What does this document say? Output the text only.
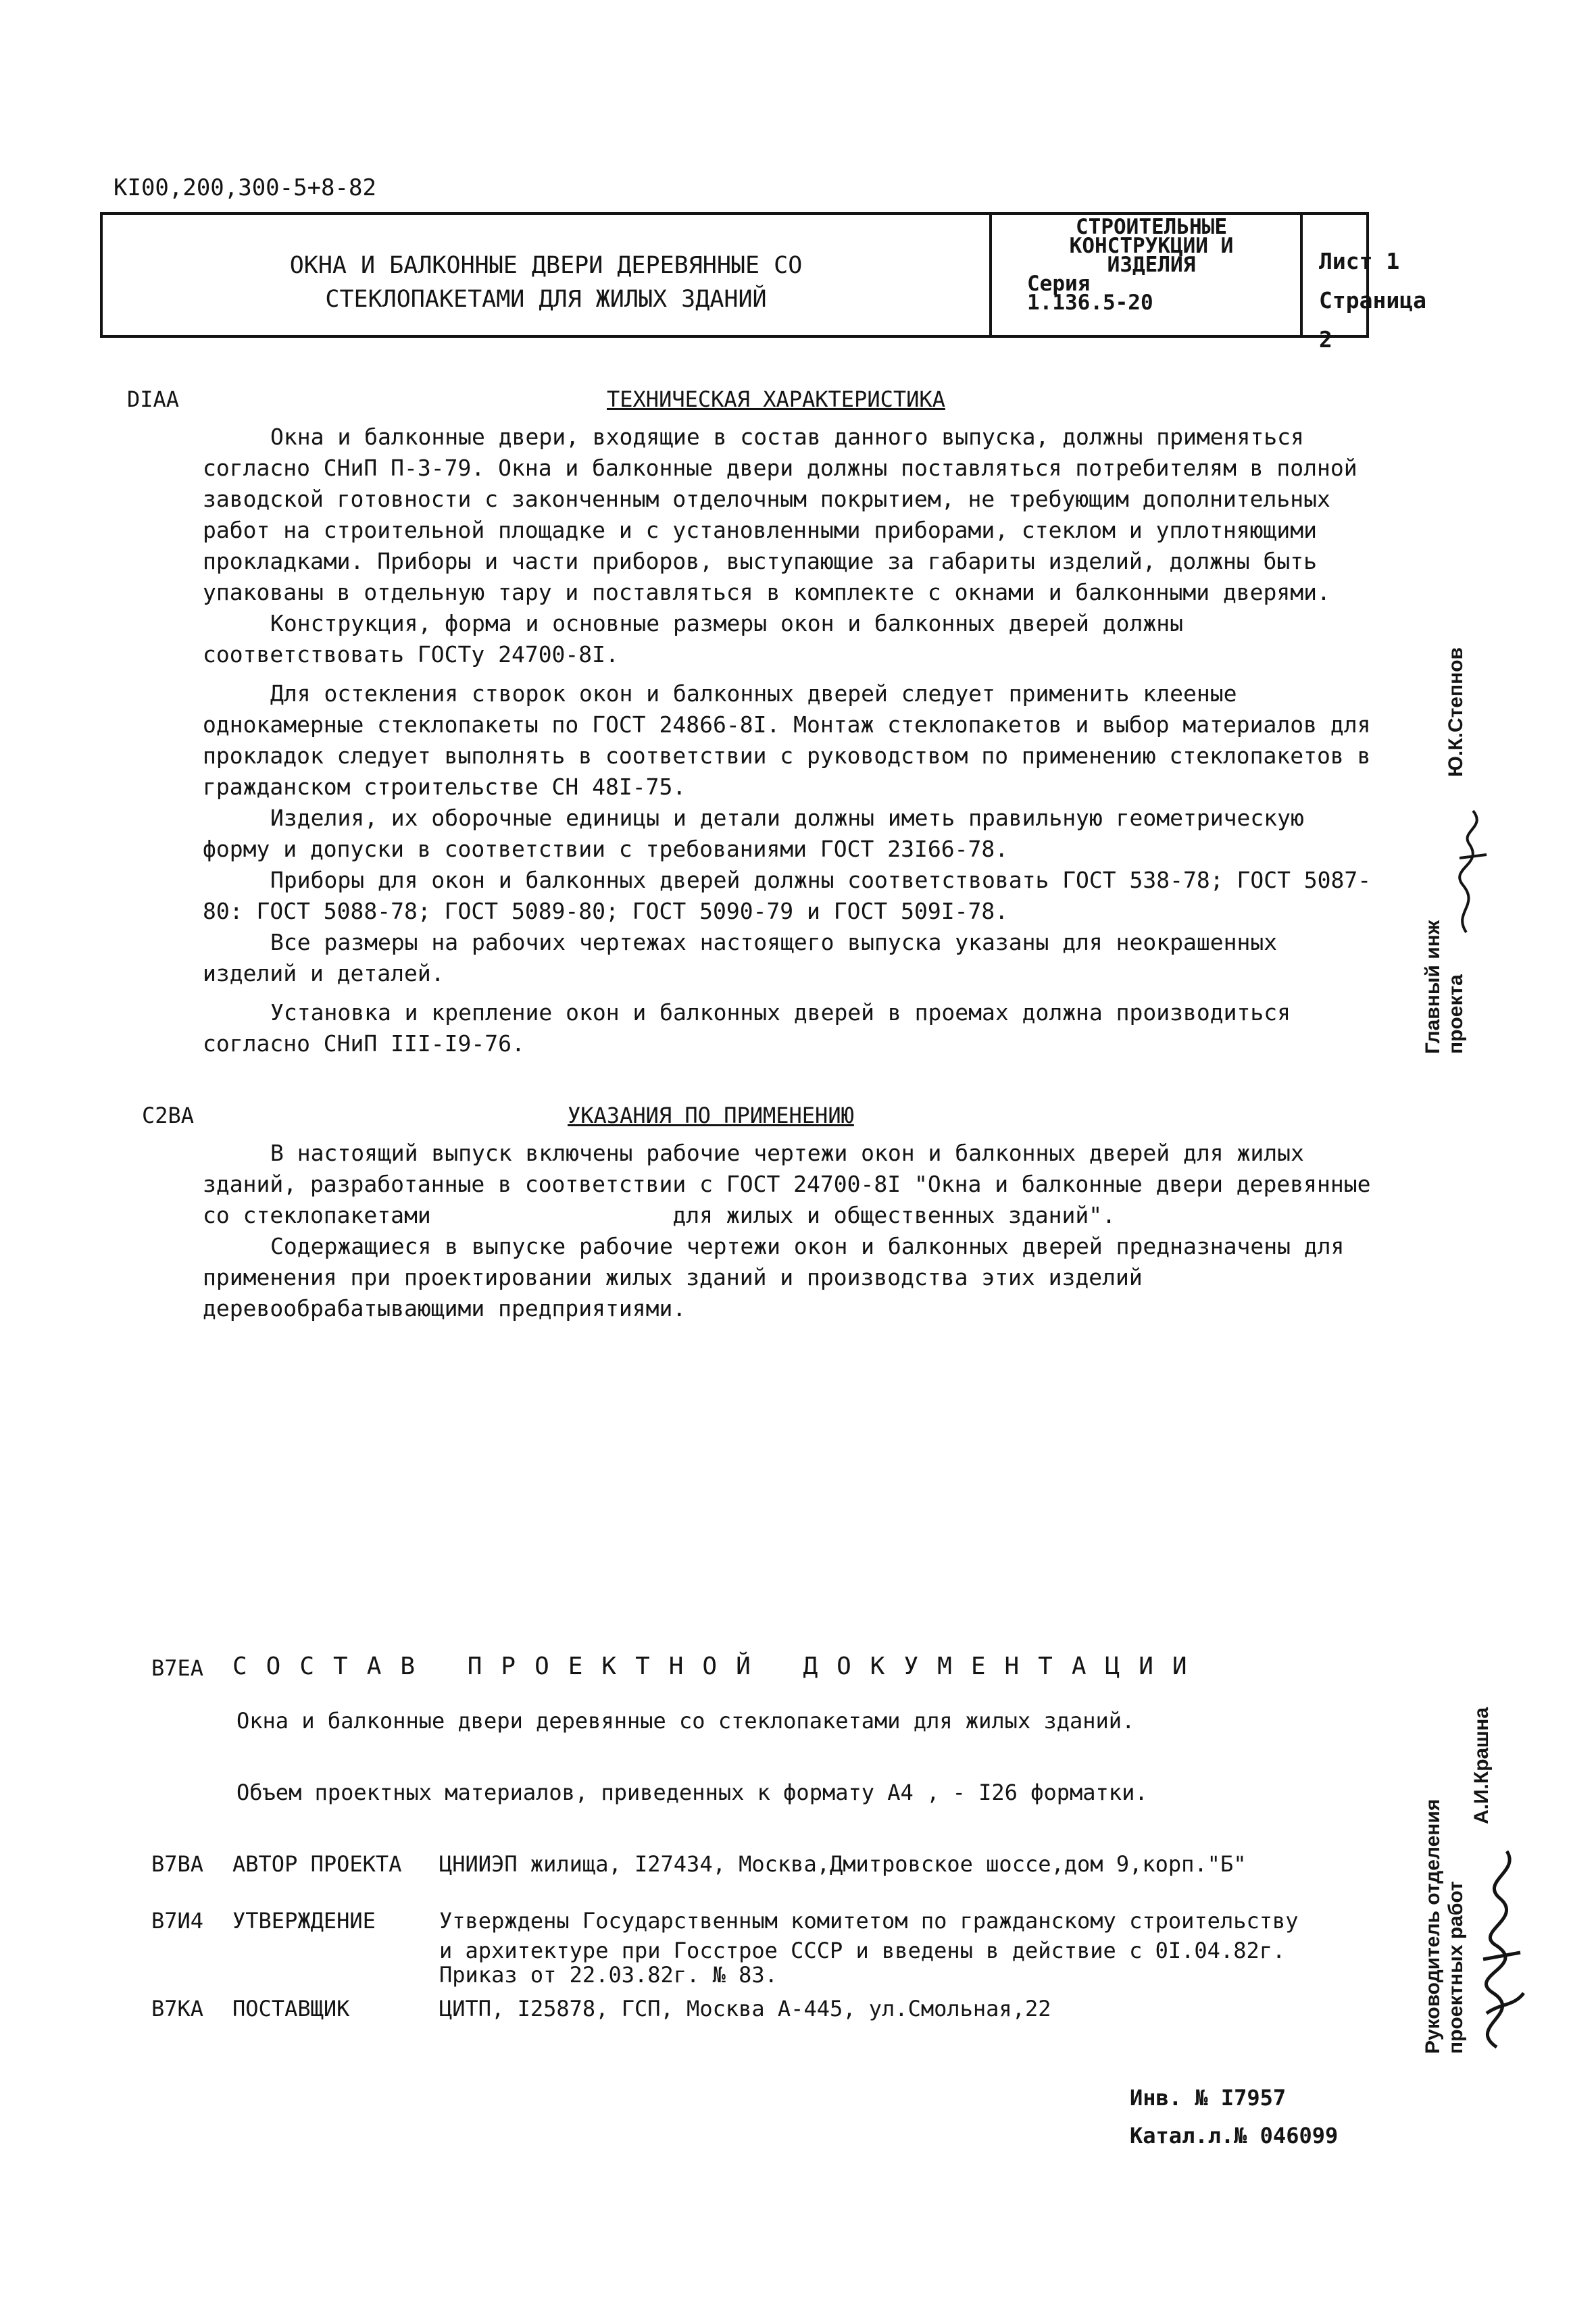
КI00,200,300-5+8-82
ОКНА И БАЛКОННЫЕ ДВЕРИ ДЕРЕВЯННЫЕ СО
СТЕКЛОПАКЕТАМИ ДЛЯ ЖИЛЫХ ЗДАНИЙ
СТРОИТЕЛЬНЫЕ
КОНСТРУКЦИИ И
ИЗДЕЛИЯ
Серия
1.136.5-20
Лист 1
Страница 2
DIAA	ТЕХНИЧЕСКАЯ ХАРАКТЕРИСТИКА

Окна и балконные двери, входящие в состав данного выпуска, должны применяться согласно СНиП П-3-79. Окна и балконные двери должны поставляться потребителям в полной заводской готовности с законченным отделочным покрытием, не требующим дополнительных работ на строительной площадке и с установленными приборами, стеклом и уплотняющими прокладками. Приборы и части приборов, выступающие за габариты изделий, должны быть упакованы в отдельную тару и поставляться в комплекте с окнами и балконными дверями.

Конструкция, форма и основные размеры окон и балконных дверей должны соответствовать ГОСТу 24700-8I.

Для остекления створок окон и балконных дверей следует применить клееные однокамерные стеклопакеты по ГОСТ 24866-8I. Монтаж стеклопакетов и выбор материалов для прокладок следует выполнять в соответствии с руководством по применению стеклопакетов в гражданском строительстве СН 48I-75.

Изделия, их оборочные единицы и детали должны иметь правильную геометрическую форму и допуски в соответствии с требованиями ГОСТ 23I66-78.

Приборы для окон и балконных дверей должны соответствовать ГОСТ 538-78; ГОСТ 5087-80: ГОСТ 5088-78; ГОСТ 5089-80; ГОСТ 5090-79 и ГОСТ 509I-78.

Все размеры на рабочих чертежах настоящего выпуска указаны для неокрашенных изделий и деталей.

Установка и крепление окон и балконных дверей в проемах должна производиться согласно СНиП III-I9-76.

C2BA	УКАЗАНИЯ ПО ПРИМЕНЕНИЮ

В настоящий выпуск включены рабочие чертежи окон и балконных дверей для жилых зданий, разработанные в соответствии с ГОСТ 24700-8I "Окна и балконные двери деревянные со стеклопакетами                  для жилых и общественных зданий".

Содержащиеся в выпуске рабочие чертежи окон и балконных дверей предназначены для применения при проектировании жилых зданий и производства этих изделий деревообрабатывающими предприятиями.

B7EA СОСТАВ ПРОЕКТНОЙ ДОКУМЕНТАЦИИ
Окна и балконные двери деревянные со стеклопакетами для жилых зданий.
Объем проектных материалов, приведенных к формату А4 , - I26 форматки.
B7BA АВТОР ПРОЕКТА ЦНИИЭП жилища, I27434, Москва,Дмитровское шоссе,дом 9,корп."Б"
B7И4 УТВЕРЖДЕНИЕ	Утверждены Государственным комитетом по гражданскому строительству
и архитектуре при Госстрое СССР и введены в действие с 0I.04.82г.
Приказ от 22.03.82г. № 83.
B7KA ПОСТАВЩИК	ЦИТП, I25878, ГСП, Москва А-445, ул.Смольная,22
Инв. № I7957
Катал.л.№ 046099
Главный инж проекта
Ю.К.Степнов
Руководитель отделения проектных работ
А.И.Крашна
